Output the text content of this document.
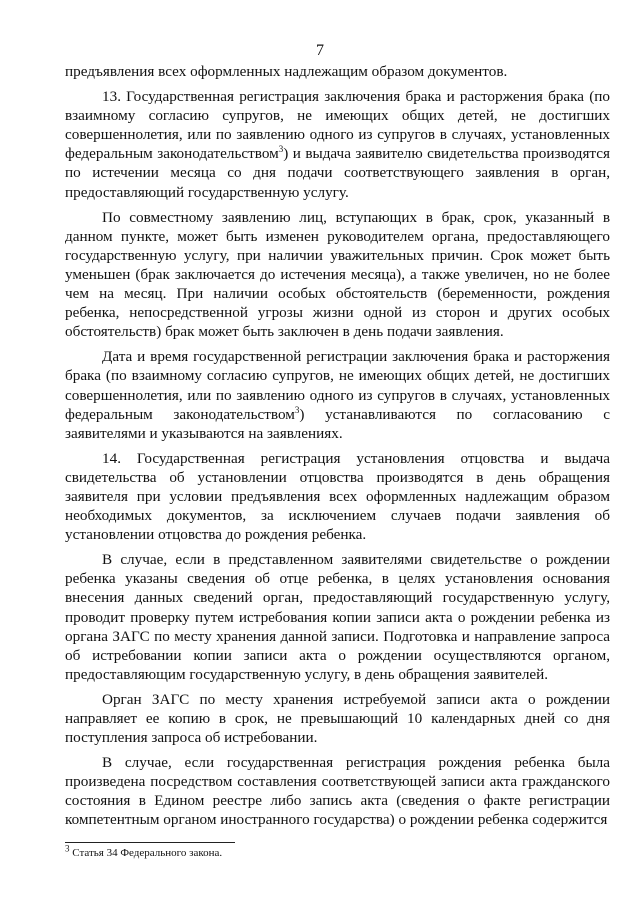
7

предъявления всех оформленных надлежащим образом документов.

13. Государственная регистрация заключения брака и расторжения брака (по взаимному согласию супругов, не имеющих общих детей, не достигших совершеннолетия, или по заявлению одного из супругов в случаях, установленных федеральным законодательством$^3$) и выдача заявителю свидетельства производятся по истечении месяца со дня подачи соответствующего заявления в орган, предоставляющий государственную услугу.

По совместному заявлению лиц, вступающих в брак, срок, указанный в данном пункте, может быть изменен руководителем органа, предоставляющего государственную услугу, при наличии уважительных причин. Срок может быть уменьшен (брак заключается до истечения месяца), а также увеличен, но не более чем на месяц. При наличии особых обстоятельств (беременности, рождения ребенка, непосредственной угрозы жизни одной из сторон и других особых обстоятельств) брак может быть заключен в день подачи заявления.

Дата и время государственной регистрации заключения брака и расторжения брака (по взаимному согласию супругов, не имеющих общих детей, не достигших совершеннолетия, или по заявлению одного из супругов в случаях, установленных федеральным законодательством$^3$) устанавливаются по согласованию с заявителями и указываются на заявлениях.

14. Государственная регистрация установления отцовства и выдача свидетельства об установлении отцовства производятся в день обращения заявителя при условии предъявления всех оформленных надлежащим образом необходимых документов, за исключением случаев подачи заявления об установлении отцовства до рождения ребенка.

В случае, если в представленном заявителями свидетельстве о рождении ребенка указаны сведения об отце ребенка, в целях установления основания внесения данных сведений орган, предоставляющий государственную услугу, проводит проверку путем истребования копии записи акта о рождении ребенка из органа ЗАГС по месту хранения данной записи. Подготовка и направление запроса об истребовании копии записи акта о рождении осуществляются органом, предоставляющим государственную услугу, в день обращения заявителей.

Орган ЗАГС по месту хранения истребуемой записи акта о рождении направляет ее копию в срок, не превышающий 10 календарных дней со дня поступления запроса об истребовании.

В случае, если государственная регистрация рождения ребенка была произведена посредством составления соответствующей записи акта гражданского состояния в Едином реестре либо запись акта (сведения о факте регистрации компетентным органом иностранного государства) о рождении ребенка содержится

$^3$ Статья 34 Федерального закона.
